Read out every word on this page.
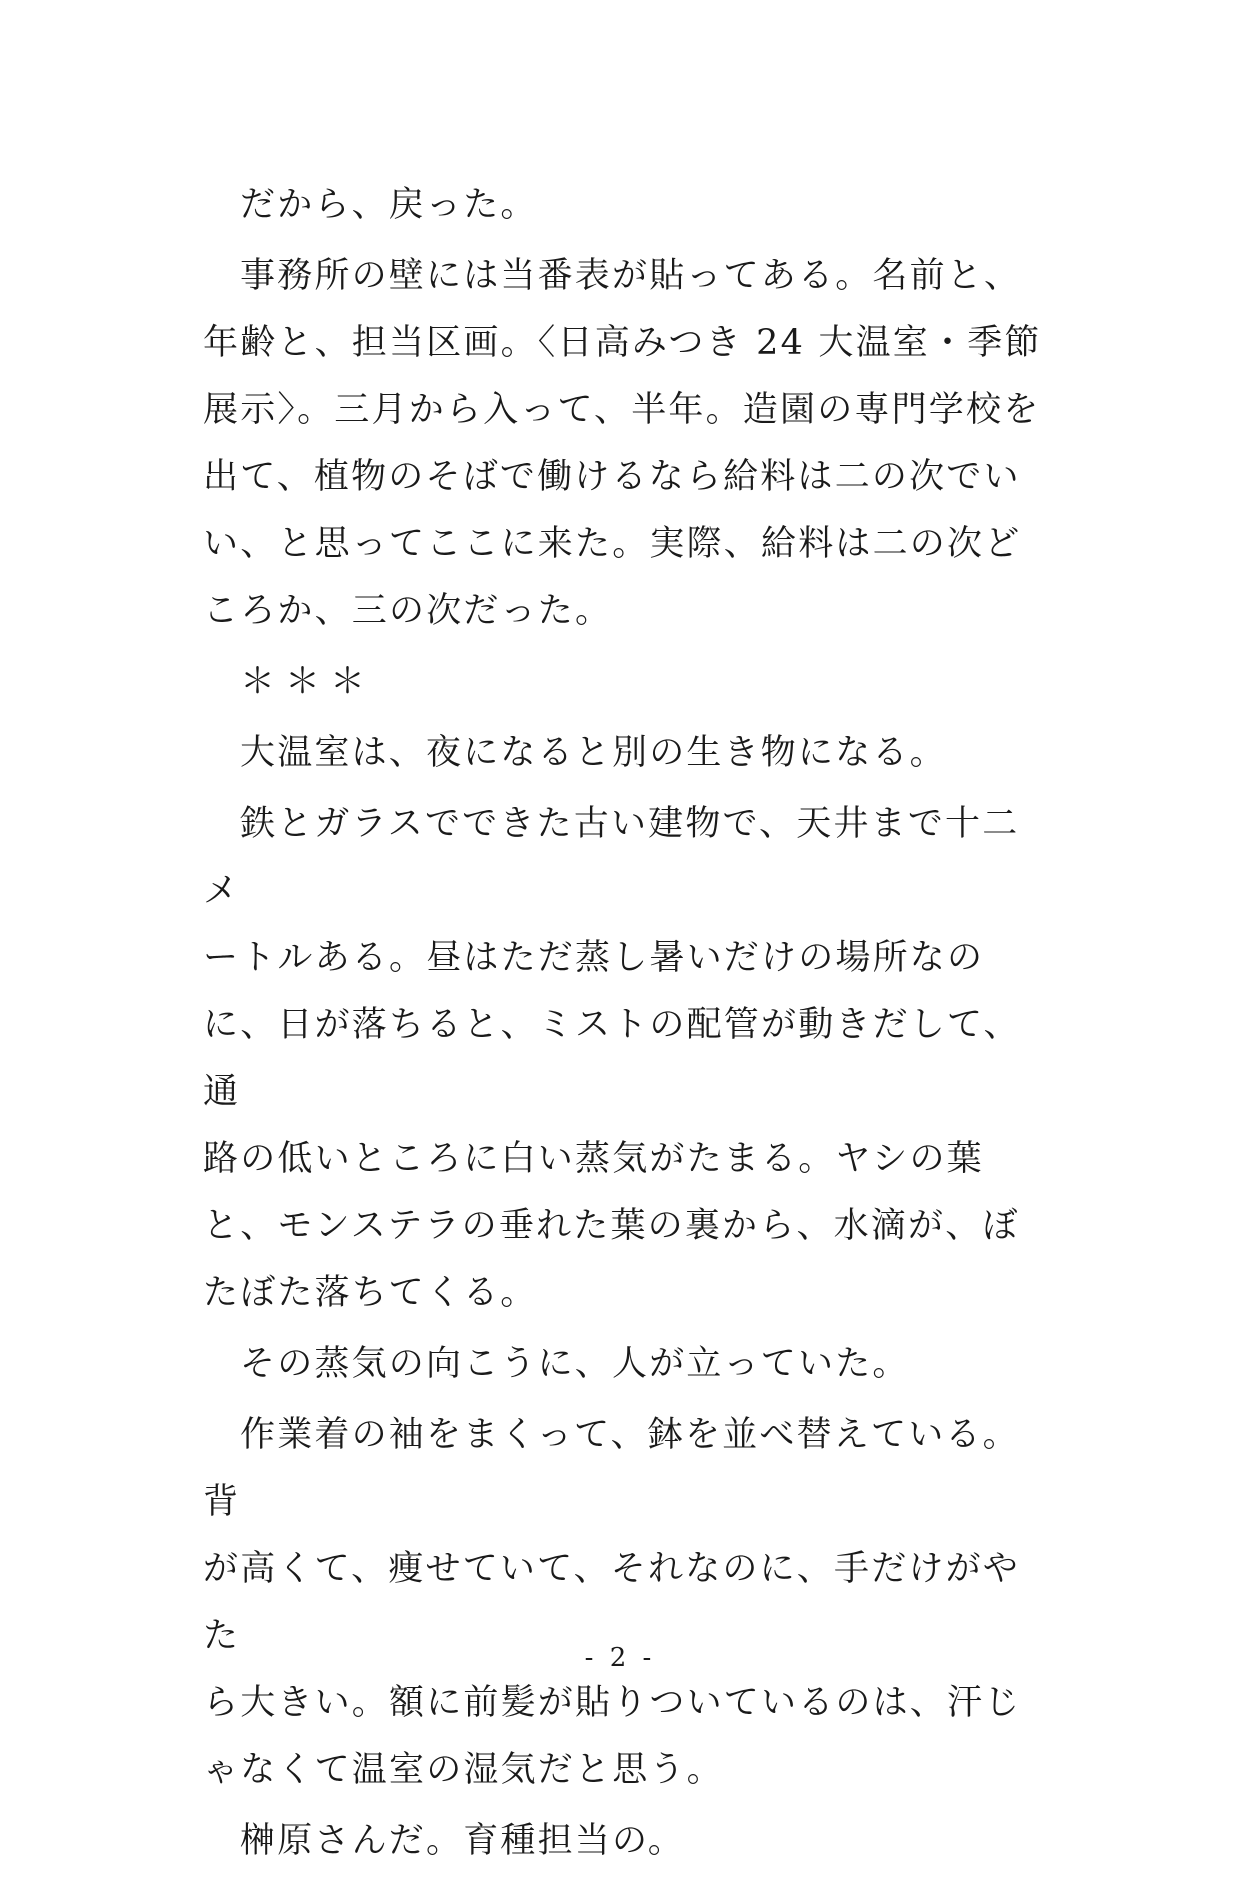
だから、戻った。

事務所の壁には当番表が貼ってある。名前と、
年齢と、担当区画。〈日高みつき 24 大温室・季節
展示〉。三月から入って、半年。造園の専門学校を
出て、植物のそばで働けるなら給料は二の次でい
い、と思ってここに来た。実際、給料は二の次ど
ころか、三の次だった。

＊＊＊

大温室は、夜になると別の生き物になる。

鉄とガラスでできた古い建物で、天井まで十二メ
ートルある。昼はただ蒸し暑いだけの場所なの
に、日が落ちると、ミストの配管が動きだして、通
路の低いところに白い蒸気がたまる。ヤシの葉
と、モンステラの垂れた葉の裏から、水滴が、ぼ
たぼた落ちてくる。

その蒸気の向こうに、人が立っていた。

作業着の袖をまくって、鉢を並べ替えている。背
が高くて、痩せていて、それなのに、手だけがやた
ら大きい。額に前髪が貼りついているのは、汗じ
ゃなくて温室の湿気だと思う。

榊原さんだ。育種担当の。

- 2 -
